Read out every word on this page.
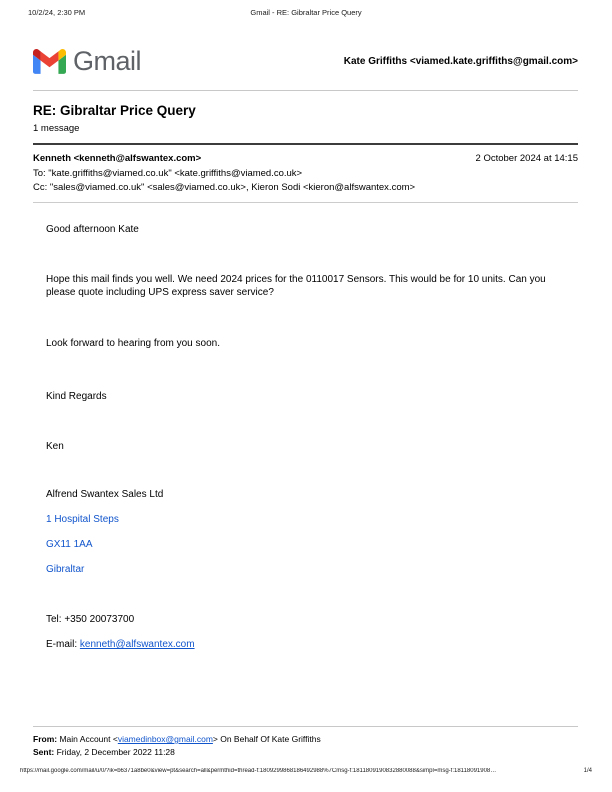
10/2/24, 2:30 PM	Gmail - RE: Gibraltar Price Query
Gmail	Kate Griffiths <viamed.kate.griffiths@gmail.com>
RE: Gibraltar Price Query
1 message
Kenneth <kenneth@alfswantex.com>	2 October 2024 at 14:15
To: "kate.griffiths@viamed.co.uk" <kate.griffiths@viamed.co.uk>
Cc: "sales@viamed.co.uk" <sales@viamed.co.uk>, Kieron Sodi <kieron@alfswantex.com>
Good afternoon Kate
Hope this mail finds you well. We need 2024 prices for the 0110017 Sensors. This would be for 10 units. Can you please quote including UPS express saver service?
Look forward to hearing from you soon.
Kind Regards
Ken
Alfrend Swantex Sales Ltd
1 Hospital Steps
GX11 1AA
Gibraltar
Tel: +350 20073700
E-mail: kenneth@alfswantex.com
From: Main Account <viamedinbox@gmail.com> On Behalf Of Kate Griffiths
Sent: Friday, 2 December 2022 11:28
https://mail.google.com/mail/u/0/?ik=b6371a8be0&view=pt&search=all&permthid=thread-f:1809299868186492988%7Cmsg-f:1811809190832880088&simpl=msg-f:18118091908…	1/4
